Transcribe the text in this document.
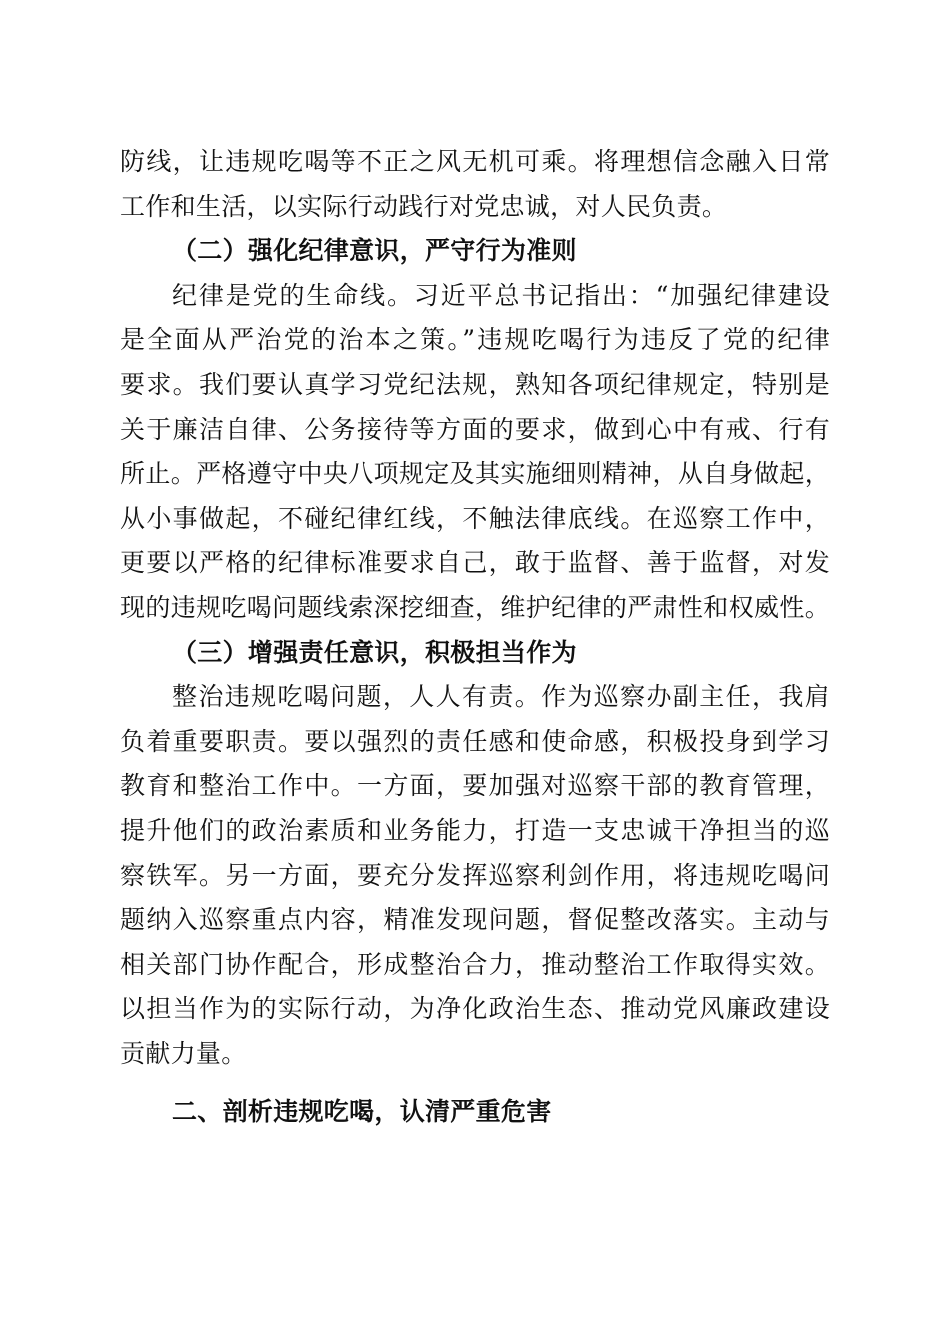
防线，让违规吃喝等不正之风无机可乘。将理想信念融入日常
工作和生活，以实际行动践行对党忠诚，对人民负责。
（二）强化纪律意识，严守行为准则
纪律是党的生命线。习近平总书记指出：“加强纪律建设
是全面从严治党的治本之策。”违规吃喝行为违反了党的纪律
要求。我们要认真学习党纪法规，熟知各项纪律规定，特别是
关于廉洁自律、公务接待等方面的要求，做到心中有戒、行有
所止。严格遵守中央八项规定及其实施细则精神，从自身做起，
从小事做起，不碰纪律红线，不触法律底线。在巡察工作中，
更要以严格的纪律标准要求自己，敢于监督、善于监督，对发
现的违规吃喝问题线索深挖细查，维护纪律的严肃性和权威性。
（三）增强责任意识，积极担当作为
整治违规吃喝问题，人人有责。作为巡察办副主任，我肩
负着重要职责。要以强烈的责任感和使命感，积极投身到学习
教育和整治工作中。一方面，要加强对巡察干部的教育管理，
提升他们的政治素质和业务能力，打造一支忠诚干净担当的巡
察铁军。另一方面，要充分发挥巡察利剑作用，将违规吃喝问
题纳入巡察重点内容，精准发现问题，督促整改落实。主动与
相关部门协作配合，形成整治合力，推动整治工作取得实效。
以担当作为的实际行动，为净化政治生态、推动党风廉政建设
贡献力量。
二、剖析违规吃喝，认清严重危害
